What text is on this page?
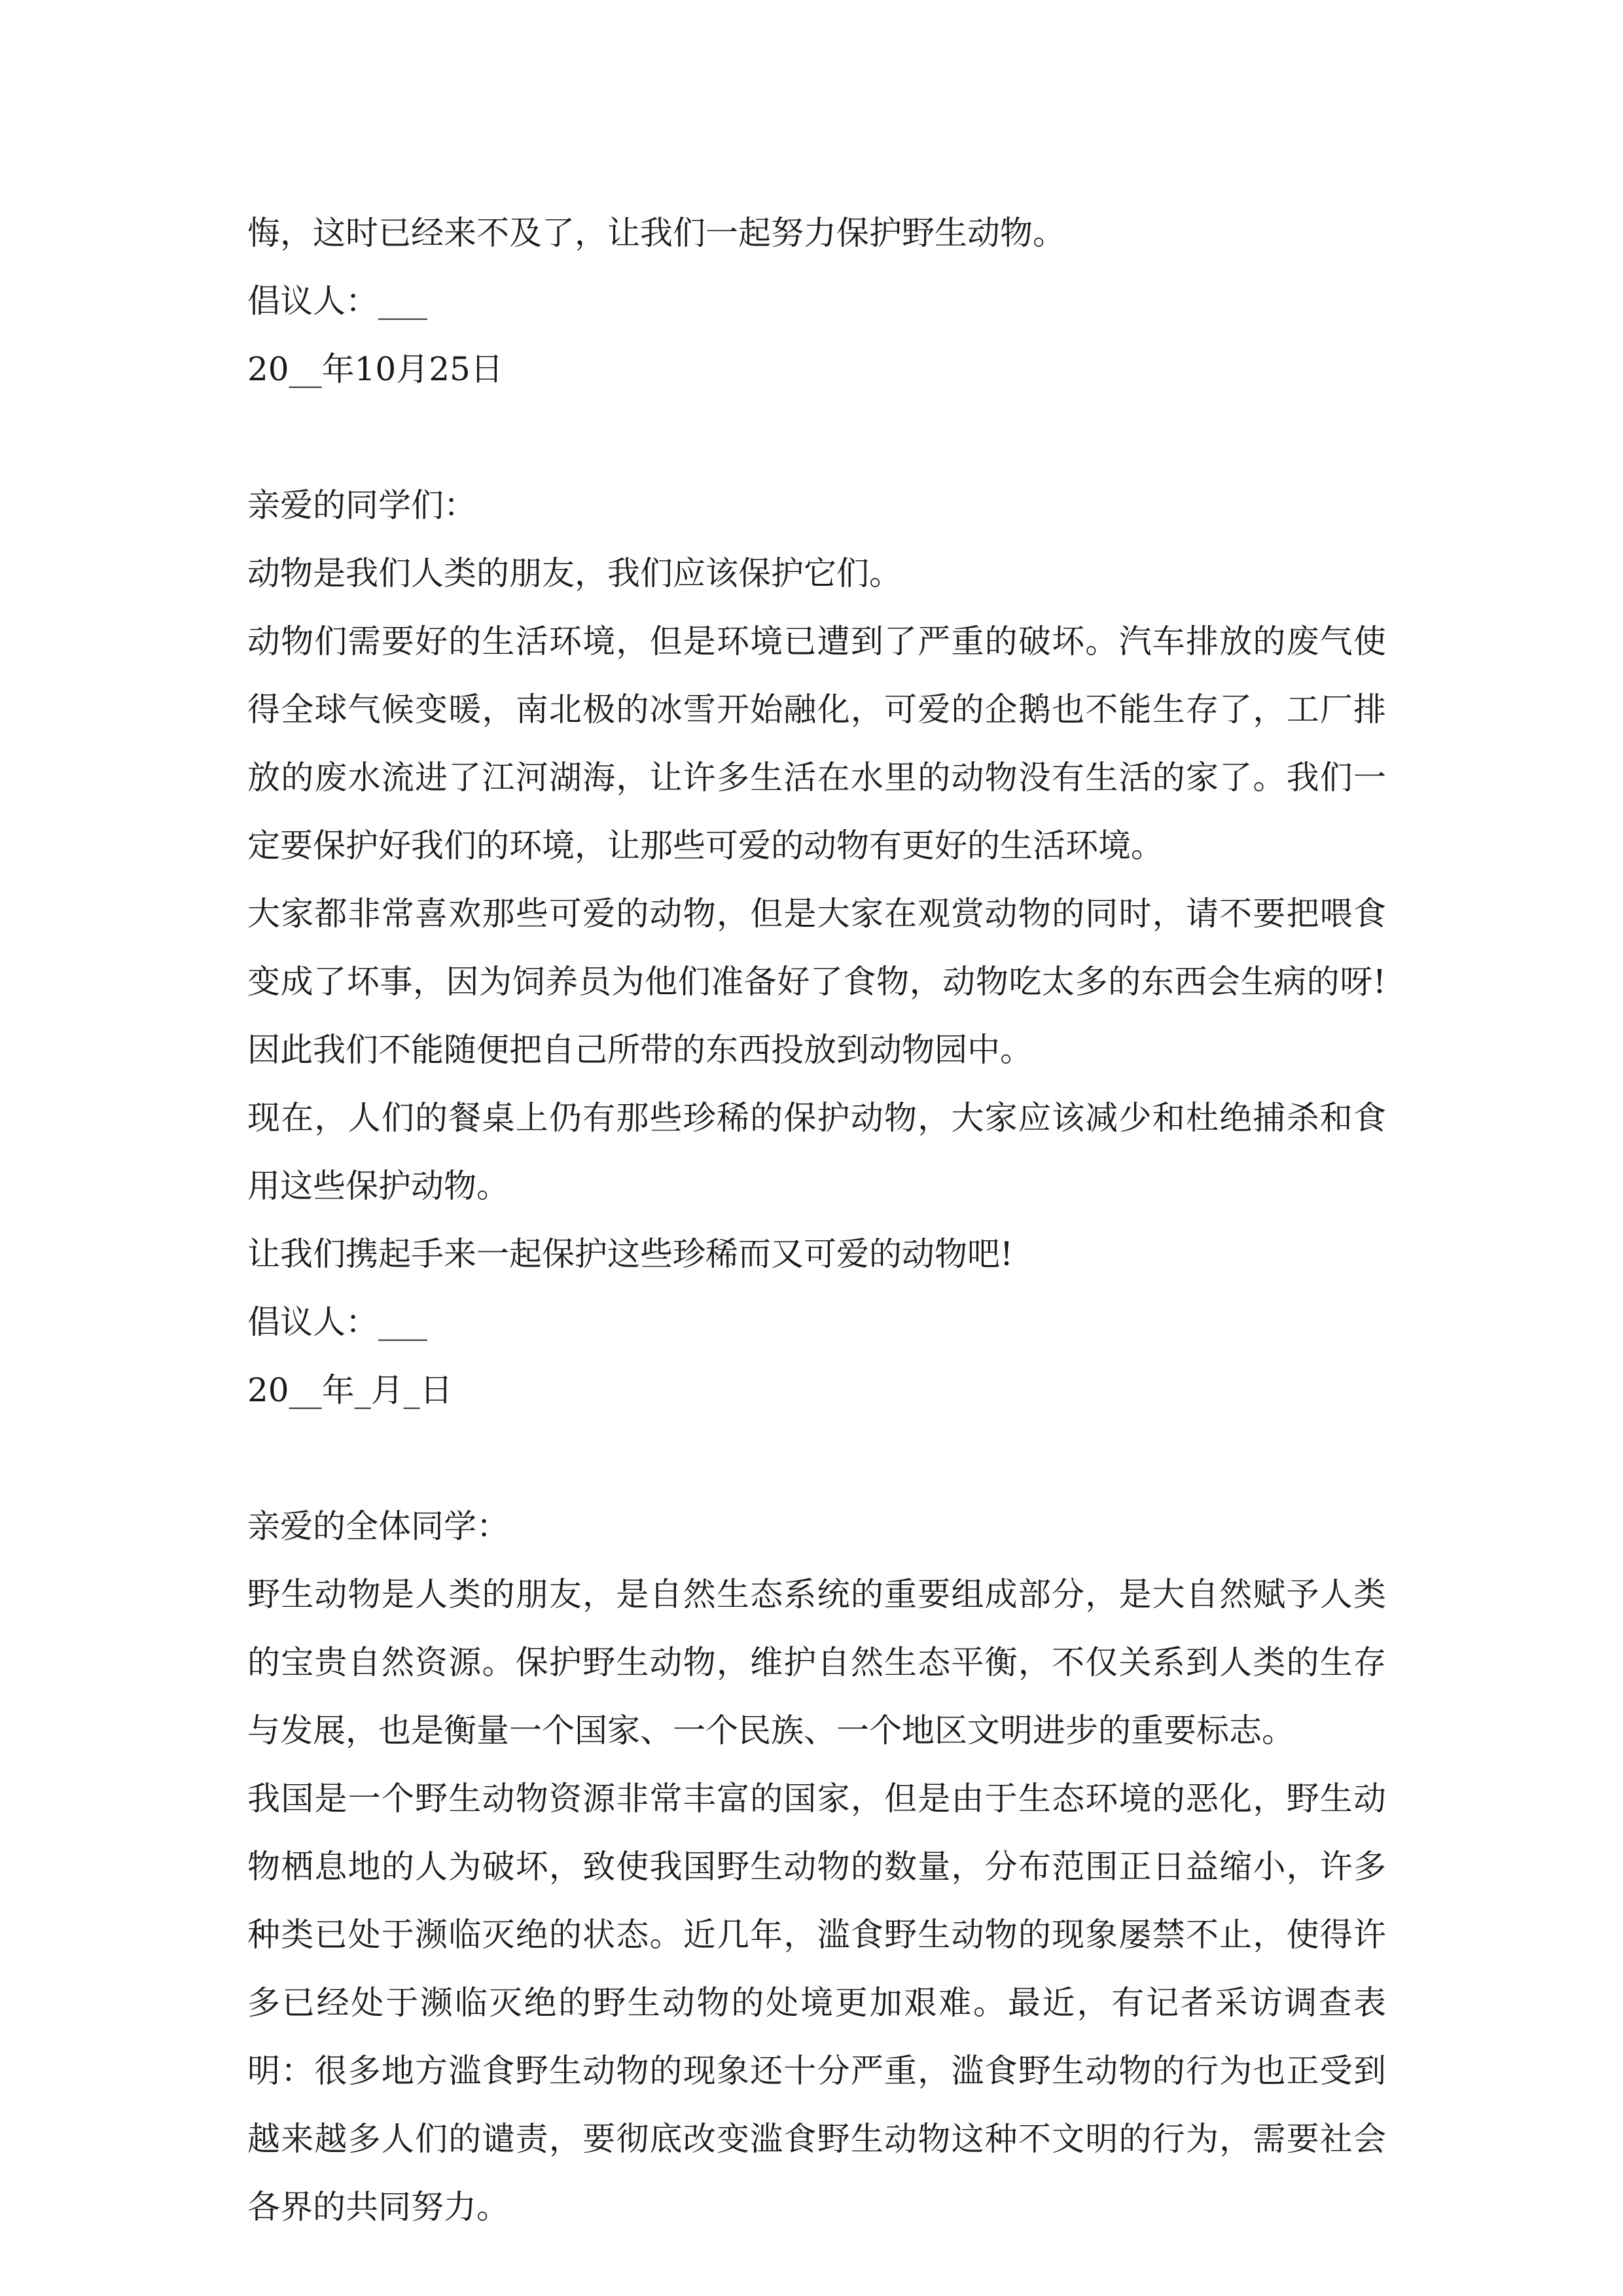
悔，这时已经来不及了，让我们一起努力保护野生动物。

倡议人：___

20__年10月25日

亲爱的同学们：

动物是我们人类的朋友，我们应该保护它们。

动物们需要好的生活环境，但是环境已遭到了严重的破坏。汽车排放的废气使得全球气候变暖，南北极的冰雪开始融化，可爱的企鹅也不能生存了，工厂排放的废水流进了江河湖海，让许多生活在水里的动物没有生活的家了。我们一定要保护好我们的环境，让那些可爱的动物有更好的生活环境。

大家都非常喜欢那些可爱的动物，但是大家在观赏动物的同时，请不要把喂食变成了坏事，因为饲养员为他们准备好了食物，动物吃太多的东西会生病的呀!因此我们不能随便把自己所带的东西投放到动物园中。

现在，人们的餐桌上仍有那些珍稀的保护动物，大家应该减少和杜绝捕杀和食用这些保护动物。

让我们携起手来一起保护这些珍稀而又可爱的动物吧!

倡议人：___

20__年_月_日

亲爱的全体同学：

野生动物是人类的朋友，是自然生态系统的重要组成部分，是大自然赋予人类的宝贵自然资源。保护野生动物，维护自然生态平衡，不仅关系到人类的生存与发展，也是衡量一个国家、一个民族、一个地区文明进步的重要标志。

我国是一个野生动物资源非常丰富的国家，但是由于生态环境的恶化，野生动物栖息地的人为破坏，致使我国野生动物的数量，分布范围正日益缩小，许多种类已处于濒临灭绝的状态。近几年，滥食野生动物的现象屡禁不止，使得许多已经处于濒临灭绝的野生动物的处境更加艰难。最近，有记者采访调查表明：很多地方滥食野生动物的现象还十分严重，滥食野生动物的行为也正受到越来越多人们的谴责，要彻底改变滥食野生动物这种不文明的行为，需要社会各界的共同努力。
